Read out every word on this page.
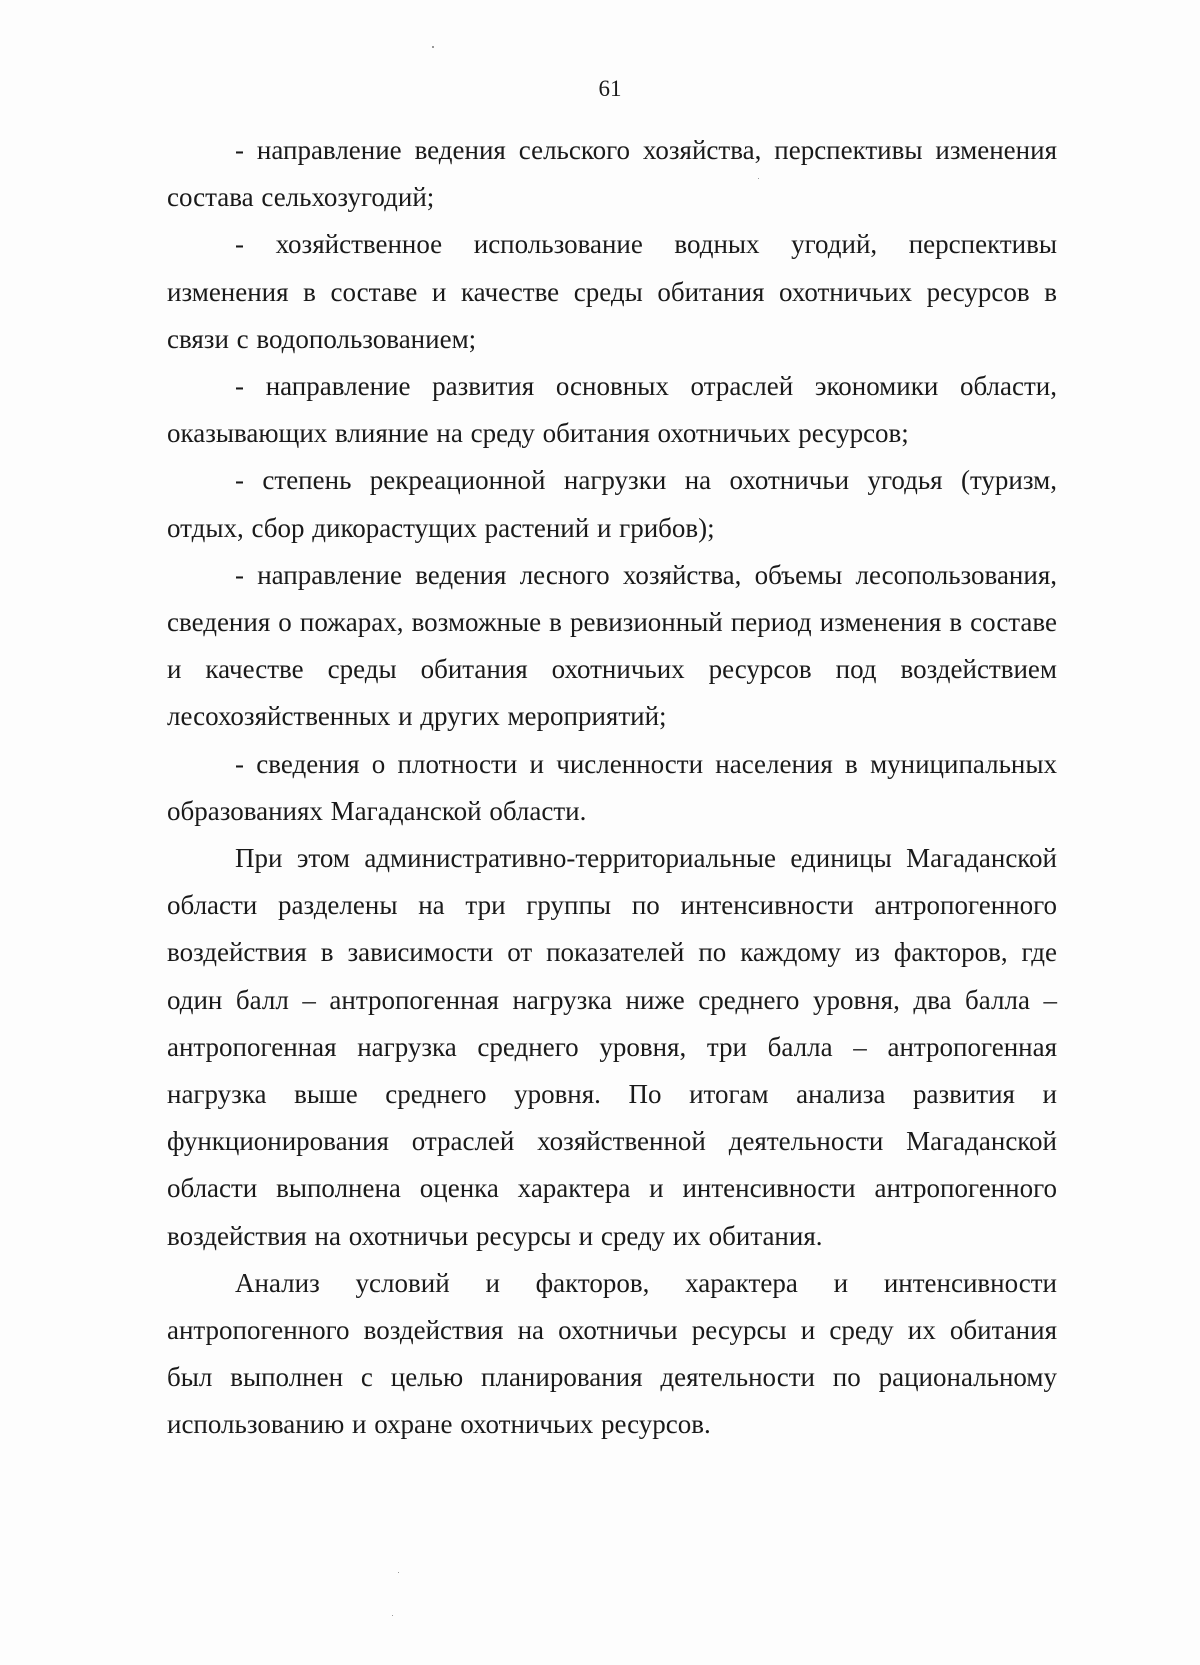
61

- направление ведения сельского хозяйства, перспективы изменения состава сельхозугодий;

- хозяйственное использование водных угодий, перспективы изменения в составе и качестве среды обитания охотничьих ресурсов в связи с водопользованием;

- направление развития основных отраслей экономики области, оказывающих влияние на среду обитания охотничьих ресурсов;

- степень рекреационной нагрузки на охотничьи угодья (туризм, отдых, сбор дикорастущих растений и грибов);

- направление ведения лесного хозяйства, объемы лесопользования, сведения о пожарах, возможные в ревизионный период изменения в составе и качестве среды обитания охотничьих ресурсов под воздействием лесохозяйственных и других мероприятий;

- сведения о плотности и численности населения в муниципальных образованиях Магаданской области.

При этом административно-территориальные единицы Магаданской области разделены на три группы по интенсивности антропогенного воздействия в зависимости от показателей по каждому из факторов, где один балл – антропогенная нагрузка ниже среднего уровня, два балла – антропогенная нагрузка среднего уровня, три балла – антропогенная нагрузка выше среднего уровня. По итогам анализа развития и функционирования отраслей хозяйственной деятельности Магаданской области выполнена оценка характера и интенсивности антропогенного воздействия на охотничьи ресурсы и среду их обитания.

Анализ условий и факторов, характера и интенсивности антропогенного воздействия на охотничьи ресурсы и среду их обитания был выполнен с целью планирования деятельности по рациональному использованию и охране охотничьих ресурсов.
